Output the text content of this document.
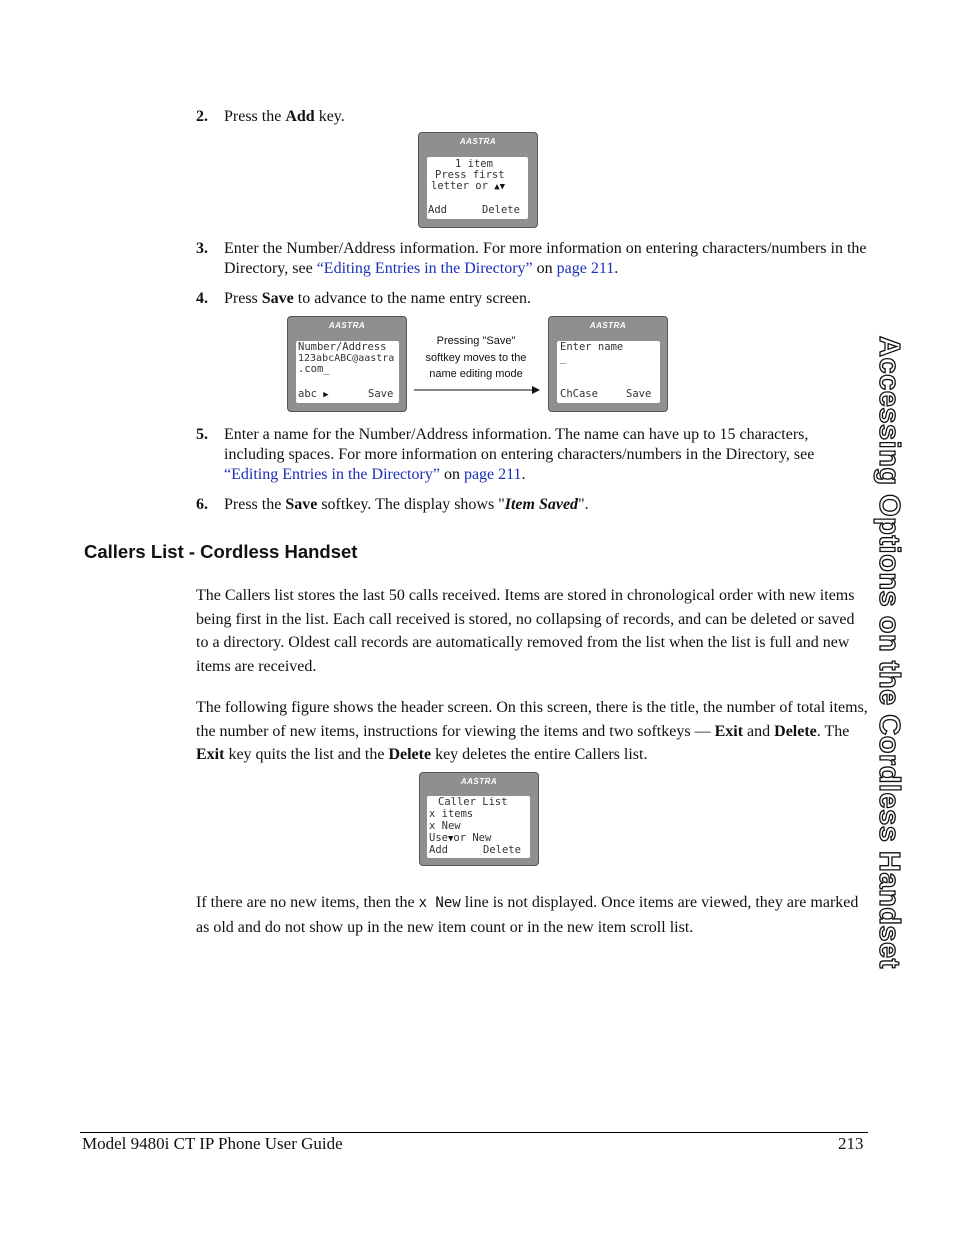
Accessing Options on the Cordless Handset
2. Press the Add key.
AASTRA
1 item
Press first
letter or ▲▼
Add	Delete
3. Enter the Number/Address information. For more information on entering characters/numbers in the Directory, see “Editing Entries in the Directory” on page 211.
4. Press Save to advance to the name entry screen.
AASTRA
Number/Address
123abcABC@aastra
.com_
abc ▶	Save
Pressing "Save"
softkey moves to the
name editing mode
AASTRA
Enter name
_
ChCase	Save
5. Enter a name for the Number/Address information. The name can have up to 15 characters, including spaces. For more information on entering characters/numbers in the Directory, see “Editing Entries in the Directory” on page 211.
6. Press the Save softkey. The display shows "Item Saved".
Callers List - Cordless Handset
The Callers list stores the last 50 calls received. Items are stored in chronological order with new items being first in the list. Each call received is stored, no collapsing of records, and can be deleted or saved to a directory. Oldest call records are automatically removed from the list when the list is full and new items are received.
The following figure shows the header screen. On this screen, there is the title, the number of total items, the number of new items, instructions for viewing the items and two softkeys — Exit and Delete. The Exit key quits the list and the Delete key deletes the entire Callers list.
AASTRA
Caller List
x items
x New
Use▼or New
Add	Delete
If there are no new items, then the x New line is not displayed. Once items are viewed, they are marked as old and do not show up in the new item count or in the new item scroll list.
Model 9480i CT IP Phone User Guide	213
